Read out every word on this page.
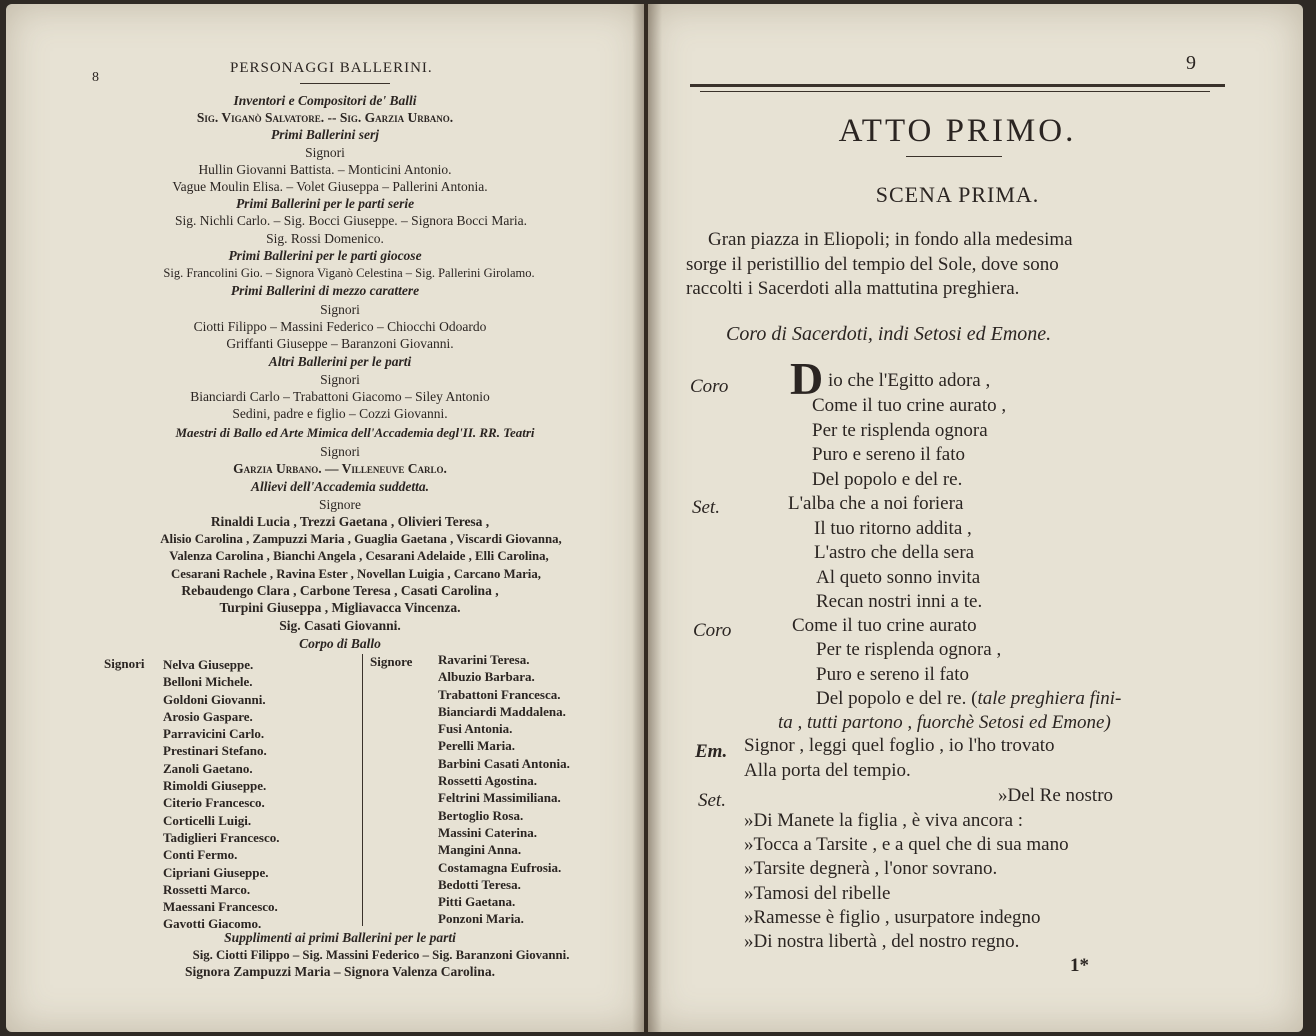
8
PERSONAGGI BALLERINI.
Inventori e Compositori de' Balli
Sig. Viganò Salvatore. -- Sig. Garzia Urbano.
Primi Ballerini serj
Signori
Hullin Giovanni Battista. – Monticini Antonio.
Vague Moulin Elisa. – Volet Giuseppa – Pallerini Antonia.
Primi Ballerini per le parti serie
Sig. Nichli Carlo. – Sig. Bocci Giuseppe. – Signora Bocci Maria.
Sig. Rossi Domenico.
Primi Ballerini per le parti giocose
Sig. Francolini Gio. – Signora Viganò Celestina – Sig. Pallerini Girolamo.
Primi Ballerini di mezzo carattere
Signori
Ciotti Filippo – Massini Federico – Chiocchi Odoardo
Griffanti Giuseppe – Baranzoni Giovanni.
Altri Ballerini per le parti
Signori
Bianciardi Carlo – Trabattoni Giacomo – Siley Antonio
Sedini, padre e figlio – Cozzi Giovanni.
Maestri di Ballo ed Arte Mimica dell'Accademia degl'II. RR. Teatri
Signori
Garzia Urbano. — Villeneuve Carlo.
Allievi dell'Accademia suddetta.
Signore
Rinaldi Lucia , Trezzi Gaetana , Olivieri Teresa ,
Alisio Carolina , Zampuzzi Maria , Guaglia Gaetana , Viscardi Giovanna,
Valenza Carolina , Bianchi Angela , Cesarani Adelaide , Elli Carolina,
Cesarani Rachele , Ravina Ester , Novellan Luigia , Carcano Maria,
Rebaudengo Clara , Carbone Teresa , Casati Carolina ,
Turpini Giuseppa , Migliavacca Vincenza.
Sig. Casati Giovanni.
Corpo di Ballo
Signori Nelva Giuseppe.
Belloni Michele.
Goldoni Giovanni.
Arosio Gaspare.
Parravicini Carlo.
Prestinari Stefano.
Zanoli Gaetano.
Rimoldi Giuseppe.
Citerio Francesco.
Corticelli Luigi.
Tadiglieri Francesco.
Conti Fermo.
Cipriani Giuseppe.
Rossetti Marco.
Maessani Francesco.
Gavotti Giacomo.
Signore Ravarini Teresa.
Albuzio Barbara.
Trabattoni Francesca.
Bianciardi Maddalena.
Fusi Antonia.
Perelli Maria.
Barbini Casati Antonia.
Rossetti Agostina.
Feltrini Massimiliana.
Bertoglio Rosa.
Massini Caterina.
Mangini Anna.
Costamagna Eufrosia.
Bedotti Teresa.
Pitti Gaetana.
Ponzoni Maria.
Supplimenti ai primi Ballerini per le parti
Sig. Ciotti Filippo – Sig. Massini Federico – Sig. Baranzoni Giovanni.
Signora Zampuzzi Maria – Signora Valenza Carolina.
9
ATTO PRIMO.
SCENA PRIMA.
Gran piazza in Eliopoli; in fondo alla medesima
sorge il peristillio del tempio del Sole, dove sono
raccolti i Sacerdoti alla mattutina preghiera.
Coro di Sacerdoti, indi Setosi ed Emone.
Coro
Set.
Coro
Em.
Set.
D io che l'Egitto adora ,
Come il tuo crine aurato ,
Per te risplenda ognora
Puro e sereno il fato
Del popolo e del re.
L'alba che a noi foriera
Il tuo ritorno addita ,
L'astro che della sera
Al queto sonno invita
Recan nostri inni a te.
Come il tuo crine aurato
Per te risplenda ognora ,
Puro e sereno il fato
Del popolo e del re. (tale preghiera fini-
ta , tutti partono , fuorchè Setosi ed Emone)
Signor , leggi quel foglio , io l'ho trovato
Alla porta del tempio.
»Del Re nostro
»Di Manete la figlia , è viva ancora :
»Tocca a Tarsite , e a quel che di sua mano
»Tarsite degnerà , l'onor sovrano.
»Tamosi del ribelle
»Ramesse è figlio , usurpatore indegno
»Di nostra libertà , del nostro regno.
1*
